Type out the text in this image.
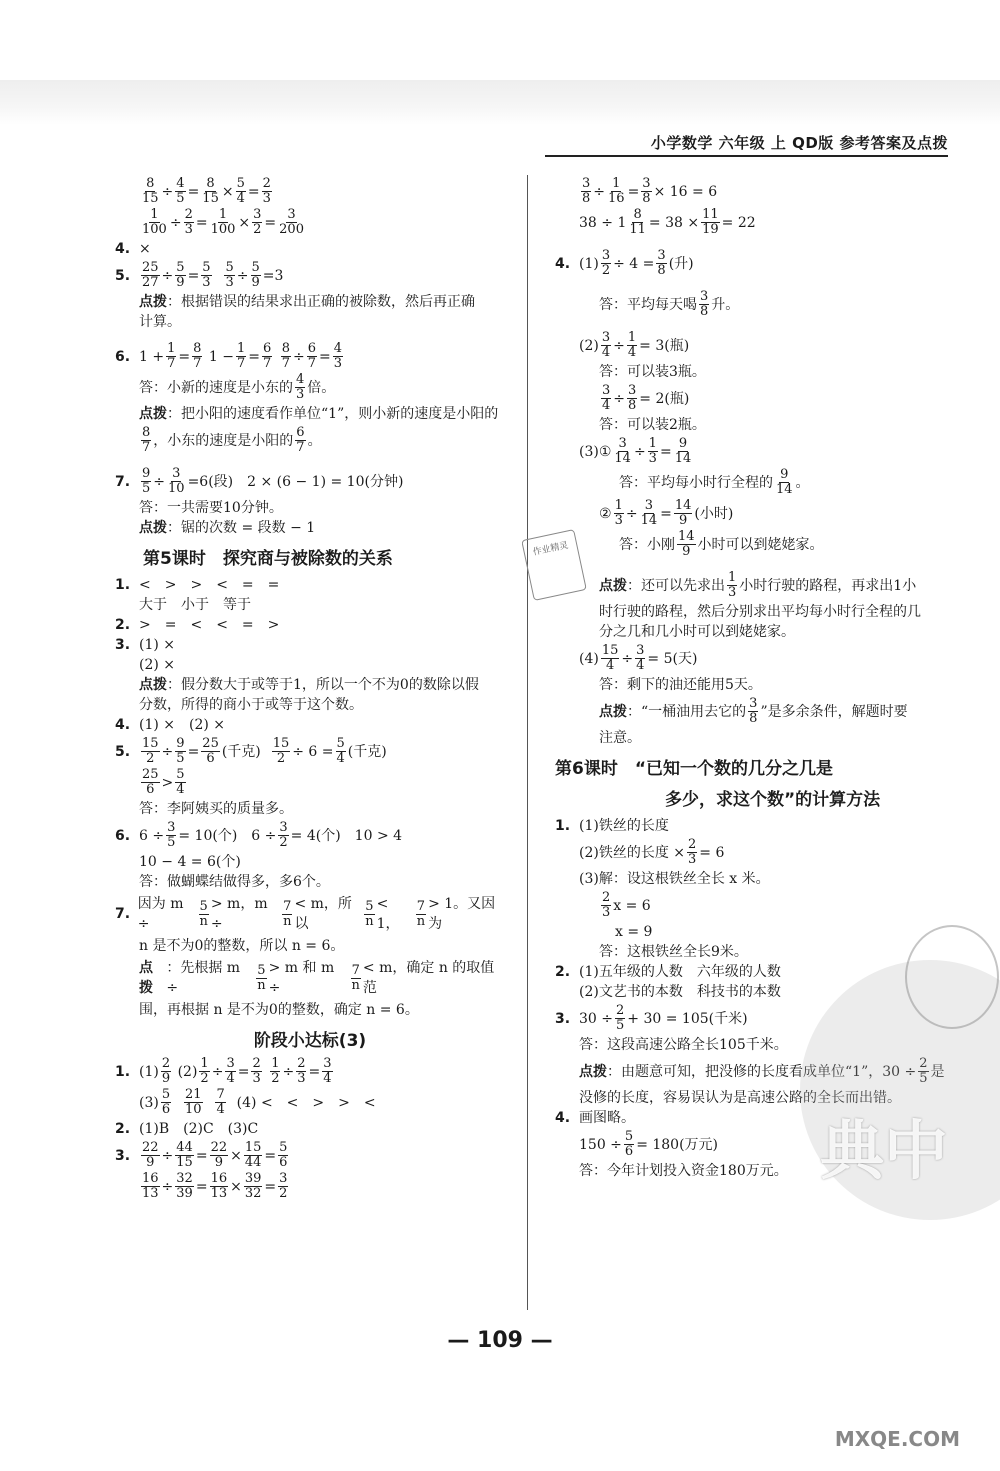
小学数学 六年级 上 QD版 参考答案及点拨
$\frac{8}{15} \div \frac{4}{5} = \frac{8}{15} \times \frac{5}{4} = \frac{2}{3}$
$\frac{1}{100} \div \frac{2}{3} = \frac{1}{100} \times \frac{3}{2} = \frac{3}{200}$
4. ×
5. $\frac{25}{27} \div \frac{5}{9} = \frac{5}{3}$
$\frac{5}{3} \div \frac{5}{9} =3$
点拨：根据错误的结果求出正确的被除数，然后再正确
计算。
6. $1 + \frac{1}{7} = \frac{8}{7}$
$1 - \frac{1}{7} = \frac{6}{7}$
$\frac{8}{7} \div \frac{6}{7} = \frac{4}{3}$
答：小新的速度是小东的 $\frac{4}{3}$ 倍。
点拨：把小阳的速度看作单位“1”，则小新的速度是小阳的
$\frac{8}{7}$ ，小东的速度是小阳的 $\frac{6}{7}$ 。
7. $\frac{9}{5} \div \frac{3}{10} =6$(段)　2 × (6 − 1) = 10(分钟)
答：一共需要10分钟。
点拨：锯的次数 = 段数 − 1
第5课时　探究商与被除数的关系
1. <　>　>　<　=　=
大于　小于　等于
2. >　=　<　<　=　>
3. (1) ×
(2) ×
点拨：假分数大于或等于1，所以一个不为0的数除以假
分数，所得的商小于或等于这个数。
4. (1) ×　(2) ×
5. $\frac{15}{2} \div \frac{9}{5} = \frac{25}{6}$ (千克)
$\frac{15}{2} \div 6 = \frac{5}{4}$ (千克)
$\frac{25}{6} > \frac{5}{4}$
答：李阿姨买的质量多。
6. $6 \div \frac{3}{5} = 10$(个)　$6 \div \frac{3}{2} = 4$(个)　10 > 4
10 − 4 = 6(个)
答：做蝴蝶结做得多，多6个。
7.
因为 m ÷	$\frac{5}{n} > m$，m ÷	$\frac{7}{n} < m$，所以	$\frac{5}{n} < 1$，	$\frac{7}{n} > 1$。又因为
n 是不为0的整数，所以 n = 6。
点拨
：先根据 m ÷	$\frac{5}{n} > m$ 和 m ÷	$\frac{7}{n} < m$，确定 n 的取值范
围，再根据 n 是不为0的整数，确定 n = 6。
阶段小达标(3)
1. $(1) \frac{2}{9}$
$(2) \frac{1}{2} \div \frac{3}{4} = \frac{2}{3}$
$\frac{1}{2} \div \frac{2}{3} = \frac{3}{4}$
$(3) \frac{5}{6}$
$\frac{21}{10}$
$\frac{7}{4}$
(4) <　<　>　>　<
2. (1)B　(2)C　(3)C
3. $\frac{22}{9} \div \frac{44}{15} = \frac{22}{9} \times \frac{15}{44} = \frac{5}{6}$
$\frac{16}{13} \div \frac{32}{39} = \frac{16}{13} \times \frac{39}{32} = \frac{3}{2}$
$\frac{3}{8} \div \frac{1}{16} = \frac{3}{8} \times 16 = 6$
$38 \div 1 \frac{8}{11} = 38 \times \frac{11}{19} = 22$
4. $(1) \frac{3}{2} \div 4 = \frac{3}{8}$ (升)
答：平均每天喝 $\frac{3}{8}$ 升。
$(2) \frac{3}{4} \div \frac{1}{4} = 3$(瓶)
答：可以装3瓶。
$\frac{3}{4} \div \frac{3}{8} = 2$(瓶)
答：可以装2瓶。
(3)① $\frac{3}{14} \div \frac{1}{3} = \frac{9}{14}$
答：平均每小时行全程的 $\frac{9}{14}$ 。
② $\frac{1}{3} \div \frac{3}{14} = \frac{14}{9}$ (小时)
答：小刚 $\frac{14}{9}$ 小时可以到姥姥家。
点拨 ：还可以先求出 $\frac{1}{3}$ 小时行驶的路程，再求出1小
时行驶的路程，然后分别求出平均每小时行全程的几
分之几和几小时可以到姥姥家。
$(4) \frac{15}{4} \div \frac{3}{4} = 5$(天)
答：剩下的油还能用5天。
点拨 ：“一桶油用去它的 $\frac{3}{8}$ ”是多余条件，解题时要
注意。
第6课时　“已知一个数的几分之几是
多少，求这个数”的计算方法
1. (1)铁丝的长度
(2)铁丝的长度 × $\frac{2}{3} = 6$
(3)解：设这根铁丝全长 x 米。
$\frac{2}{3}$ x = 6
x = 9
答：这根铁丝全长9米。
2. (1)五年级的人数　六年级的人数
(2)文艺书的本数　科技书的本数
3. $30 \div \frac{2}{5} + 30 = 105$(千米)
答：这段高速公路全长105千米。
点拨 ：由题意可知，把没修的长度看成单位“1”，$30 \div \frac{2}{5}$ 是
没修的长度，容易误认为是高速公路的全长而出错。
4. 画图略。
$150 \div \frac{5}{6} = 180$(万元)
答：今年计划投入资金180万元。
作业精灵
典中
— 109 —
MXQE.COM
